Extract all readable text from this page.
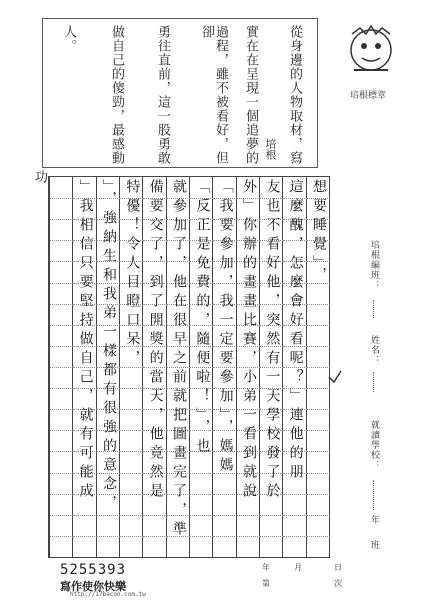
從身邊的人物取材，寫
實在在呈現一個追夢的
過程，雖不被看好，但卻
勇往直前，這一股勇敢
做自己的傻勁，最感動
人。
培根
培根標章
功
想要睡覺」，
這麼醜，怎麼會好看呢？」連他的朋
友也不看好他，突然有一天學校發了於
外」你辦的畫畫比賽，小弟一看到就說
「我要參加，我一定要參加」，媽媽
「反正是免費的，隨便啦！」，也
就參加了，他在很早之前就把圖畫完了，準
備要交了，到了開獎的當天，他竟然是
特優！令人目瞪口呆，
」，強納生和我弟一樣都有很強的意念，
」我相信只要堅持做自己，就有可能成	培根編班：
姓名：
就讀學校：
年
班
5255393
寫作使你快樂
http://17bacon.com.tw
年	月	日
第	次
